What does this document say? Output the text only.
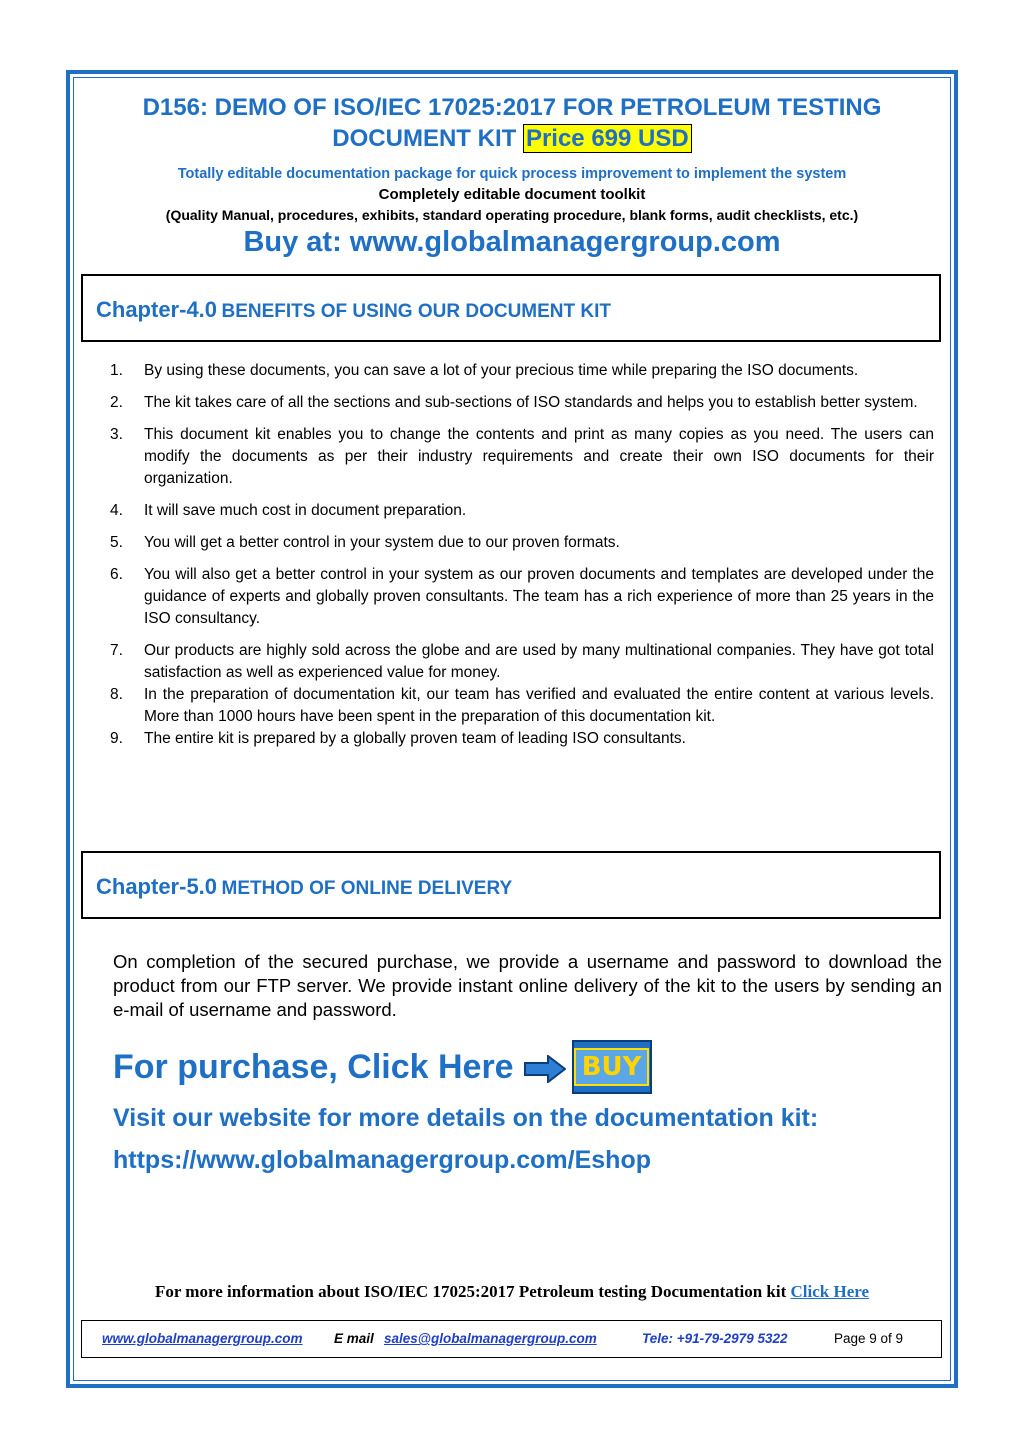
D156: DEMO OF ISO/IEC 17025:2017 FOR PETROLEUM TESTING
DOCUMENT KIT Price 699 USD
Totally editable documentation package for quick process improvement to implement the system
Completely editable document toolkit
(Quality Manual, procedures, exhibits, standard operating procedure, blank forms, audit checklists, etc.)
Buy at: www.globalmanagergroup.com
Chapter-4.0 BENEFITS OF USING OUR DOCUMENT KIT
1.	By using these documents, you can save a lot of your precious time while preparing the ISO documents.
2.	The kit takes care of all the sections and sub-sections of ISO standards and helps you to establish better system.
3.	This document kit enables you to change the contents and print as many copies as you need. The users can modify the documents as per their industry requirements and create their own ISO documents for their organization.
4.	It will save much cost in document preparation.
5.	You will get a better control in your system due to our proven formats.
6.	You will also get a better control in your system as our proven documents and templates are developed under the guidance of experts and globally proven consultants. The team has a rich experience of more than 25 years in the ISO consultancy.
7.	Our products are highly sold across the globe and are used by many multinational companies. They have got total satisfaction as well as experienced value for money.
8.	In the preparation of documentation kit, our team has verified and evaluated the entire content at various levels. More than 1000 hours have been spent in the preparation of this documentation kit.
9.	The entire kit is prepared by a globally proven team of leading ISO consultants.
Chapter-5.0 METHOD OF ONLINE DELIVERY
On completion of the secured purchase, we provide a username and password to download the product from our FTP server. We provide instant online delivery of the kit to the users by sending an e-mail of username and password.
For purchase, Click Here	BUY
Visit our website for more details on the documentation kit:
https://www.globalmanagergroup.com/Eshop
For more information about ISO/IEC 17025:2017 Petroleum testing Documentation kit Click Here
www.globalmanagergroup.com E mail sales@globalmanagergroup.com	Tele: +91-79-2979 5322	Page 9 of 9
